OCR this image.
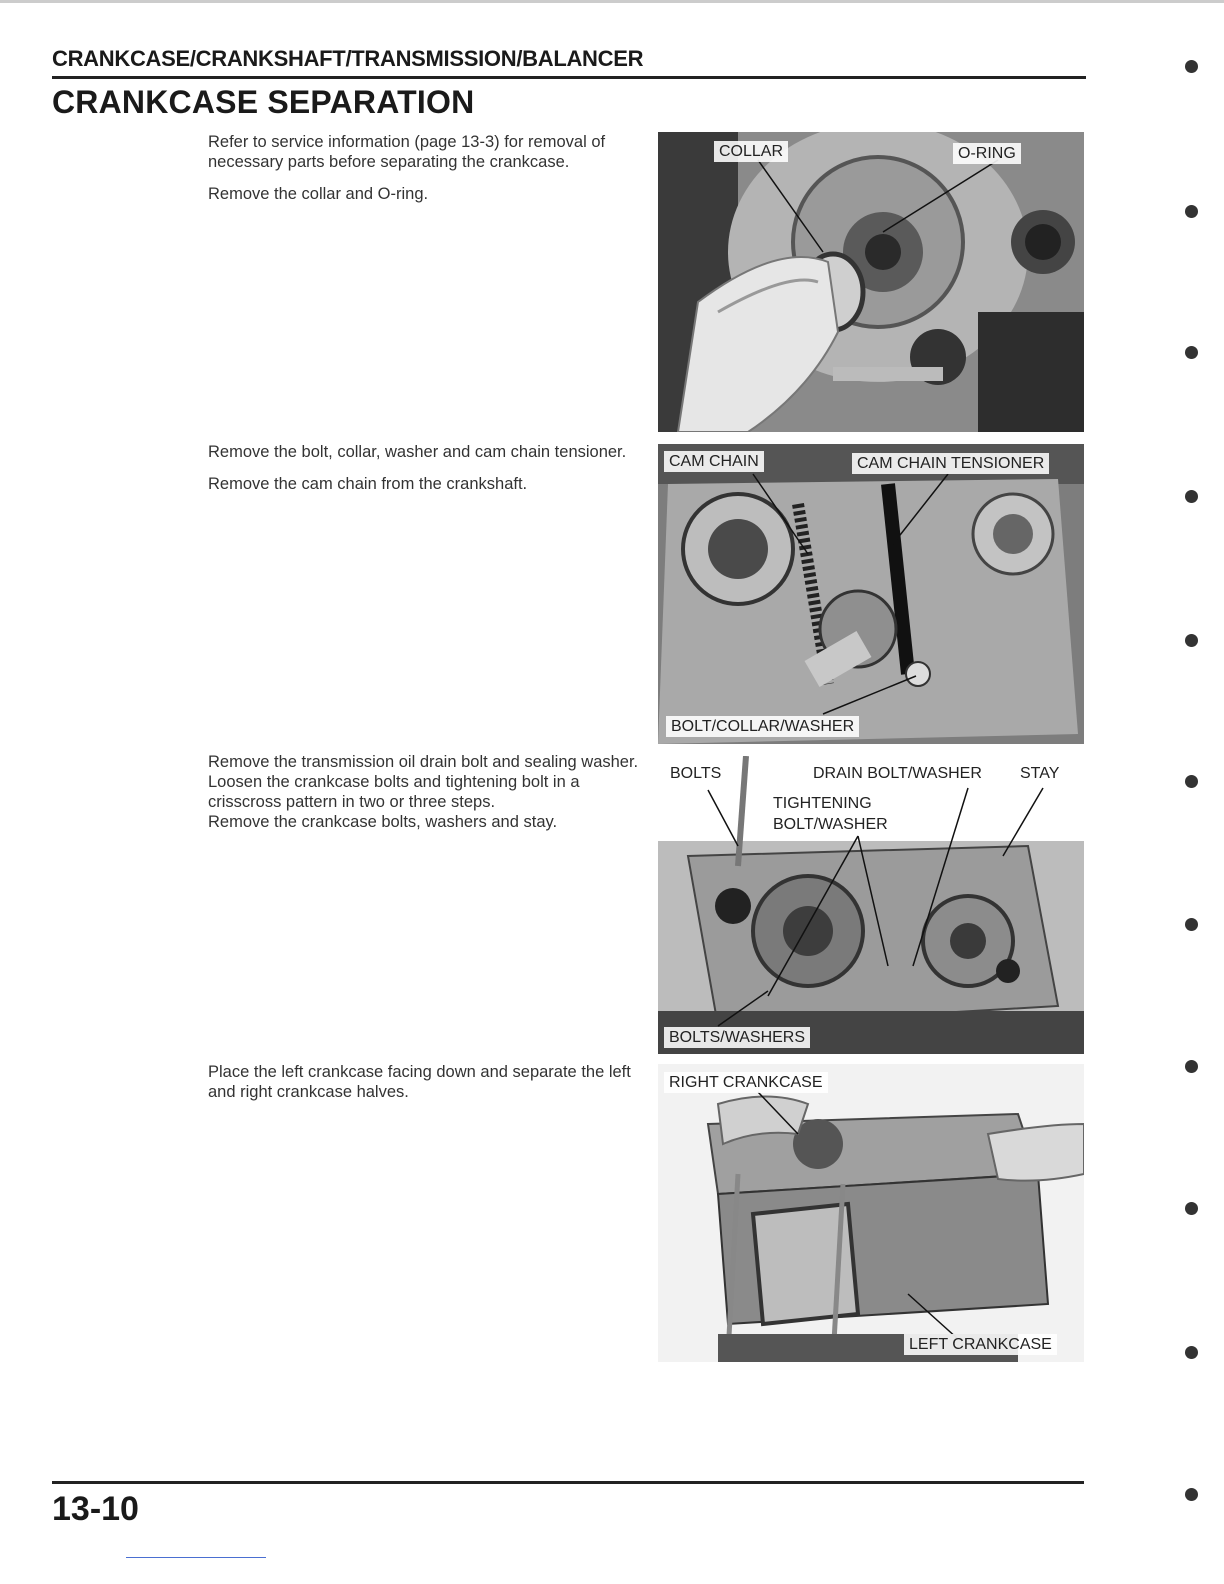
CRANKCASE/CRANKSHAFT/TRANSMISSION/BALANCER
CRANKCASE SEPARATION

Refer to service information (page 13-3) for removal of necessary parts before separating the crankcase.

Remove the collar and O-ring.

Remove the bolt, collar, washer and cam chain tensioner.

Remove the cam chain from the crankshaft.

Remove the transmission oil drain bolt and sealing washer.

Loosen the crankcase bolts and tightening bolt in a crisscross pattern in two or three steps.

Remove the crankcase bolts, washers and stay.

Place the left crankcase facing down and separate the left and right crankcase halves.

COLLAR	O-RING
CAM CHAIN	CAM CHAIN TENSIONER
BOLT/COLLAR/WASHER
BOLTS	DRAIN BOLT/WASHER	STAY
TIGHTENING
BOLT/WASHER
BOLTS/WASHERS
RIGHT CRANKCASE
LEFT CRANKCASE
13-10
